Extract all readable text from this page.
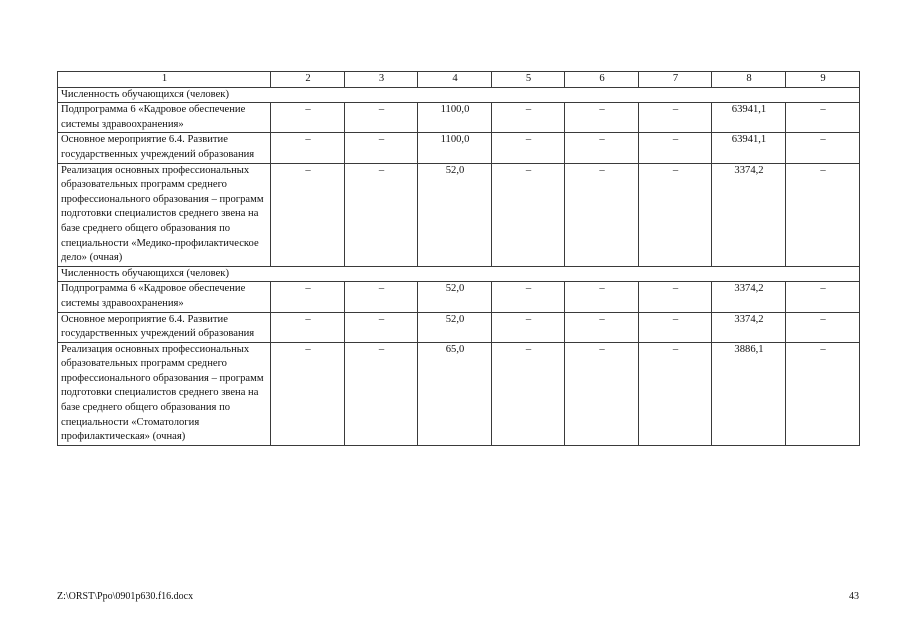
1	2	3	4	5	6	7	8	9
Численность обучающихся (человек)								
Подпрограмма 6 «Кадровое обеспечение системы здравоохранения»	–	–	1100,0	–	–	–	63941,1	–
Основное мероприятие 6.4. Развитие государственных учреждений образования	–	–	1100,0	–	–	–	63941,1	–
Реализация основных профессиональных образовательных программ среднего профессионального образования – программ подготовки специалистов среднего звена на базе среднего общего образования по специальности «Медико-профилактическое дело» (очная)	–	–	52,0	–	–	–	3374,2	–
Численность обучающихся (человек)								
Подпрограмма 6 «Кадровое обеспечение системы здравоохранения»	–	–	52,0	–	–	–	3374,2	–
Основное мероприятие 6.4. Развитие государственных учреждений образования	–	–	52,0	–	–	–	3374,2	–
Реализация основных профессиональных образовательных программ среднего профессионального образования – программ подготовки специалистов среднего звена на базе среднего общего образования по специальности «Стоматология профилактическая» (очная)	–	–	65,0	–	–	–	3886,1	–
Z:\ORST\Ppo\0901p630.f16.docx	43
